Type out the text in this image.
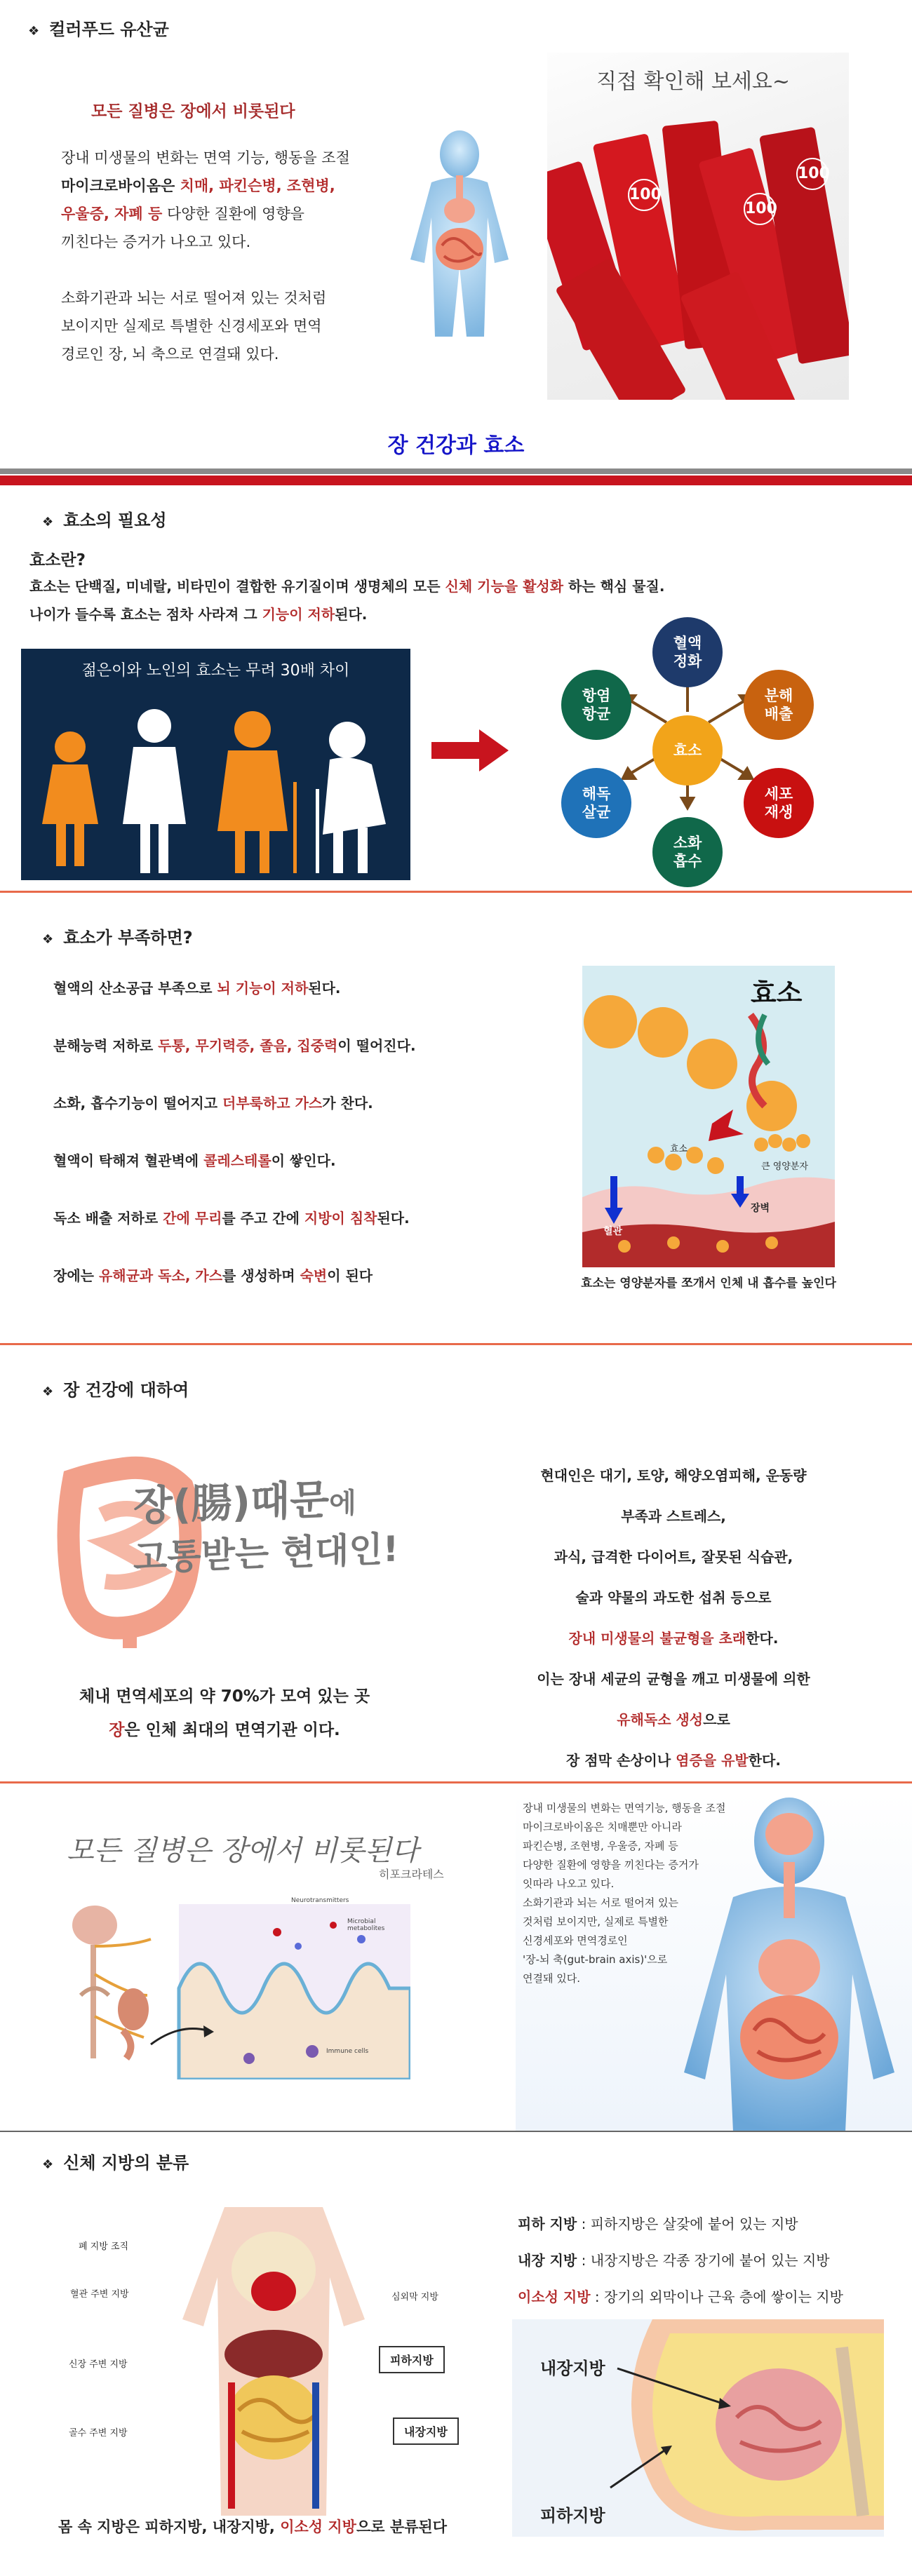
❖ 컬러푸드 유산균
모든 질병은 장에서 비롯된다
장내 미생물의 변화는 면역 기능, 행동을 조절
마이크로바이옴은 치매, 파킨슨병, 조현병,
우울증, 자폐 등 다양한 질환에 영향을
끼친다는 증거가 나오고 있다.
소화기관과 뇌는 서로 떨어져 있는 것처럼
보이지만 실제로 특별한 신경세포와 면역
경로인 장, 뇌 축으로 연결돼 있다.
직접 확인해 보세요~
100
100
100
장 건강과 효소
❖ 효소의 필요성
효소란?
효소는 단백질, 미네랄, 비타민이 결합한 유기질이며 생명체의 모든 신체 기능을 활성화 하는 핵심 물질.
나이가 들수록 효소는 점차 사라져 그 기능이 저하된다.
젊은이와 노인의 효소는 무려 30배 차이
효소
혈액
정화
분해
배출
세포
재생
소화
흡수
해독
살균
항염
항균
❖ 효소가 부족하면?
혈액의 산소공급 부족으로 뇌 기능이 저하된다.
분해능력 저하로 두통, 무기력증, 졸음, 집중력이 떨어진다.
소화, 흡수기능이 떨어지고 더부룩하고 가스가 찬다.
혈액이 탁해져 혈관벽에 콜레스테롤이 쌓인다.
독소 배출 저하로 간에 무리를 주고 간에 지방이 침착된다.
장에는 유해균과 독소, 가스를 생성하며 숙변이 된다
효소
효소
큰 영양분자
장벽
혈관
효소는 영양분자를 쪼개서 인체 내 흡수를 높인다
❖ 장 건강에 대하여
장(腸)때문에
고통받는 현대인!
체내 면역세포의 약 70%가 모여 있는 곳
장은 인체 최대의 면역기관 이다.
현대인은 대기, 토양, 해양오염피해, 운동량
부족과 스트레스,
과식, 급격한 다이어트, 잘못된 식습관,
술과 약물의 과도한 섭취 등으로
장내 미생물의 불균형을 초래한다.
이는 장내 세균의 균형을 깨고 미생물에 의한
유해독소 생성으로
장 점막 손상이나 염증을 유발한다.
모든 질병은 장에서 비롯된다
히포크라테스
Neurotransmitters
Microbial metabolites
Immune cells
장내 미생물의 변화는 면역기능, 행동을 조절
마이크로바이옴은 치매뿐만 아니라
파킨슨병, 조현병, 우울증, 자폐 등
다양한 질환에 영향을 끼친다는 증거가
잇따라 나오고 있다.
소화기관과 뇌는 서로 떨어져 있는
것처럼 보이지만, 실제로 특별한
신경세포와 면역경로인
'장-뇌 축(gut-brain axis)'으로
연결돼 있다.
❖ 신체 지방의 분류
폐 지방 조직
혈관 주변 지방
신장 주변 지방
골수 주변 지방
심외막 지방
피하지방
내장지방
몸 속 지방은 피하지방, 내장지방, 이소성 지방으로 분류된다
피하 지방 : 피하지방은 살갗에 붙어 있는 지방
내장 지방 : 내장지방은 각종 장기에 붙어 있는 지방
이소성 지방 : 장기의 외막이나 근육 층에 쌓이는 지방
내장지방
피하지방
